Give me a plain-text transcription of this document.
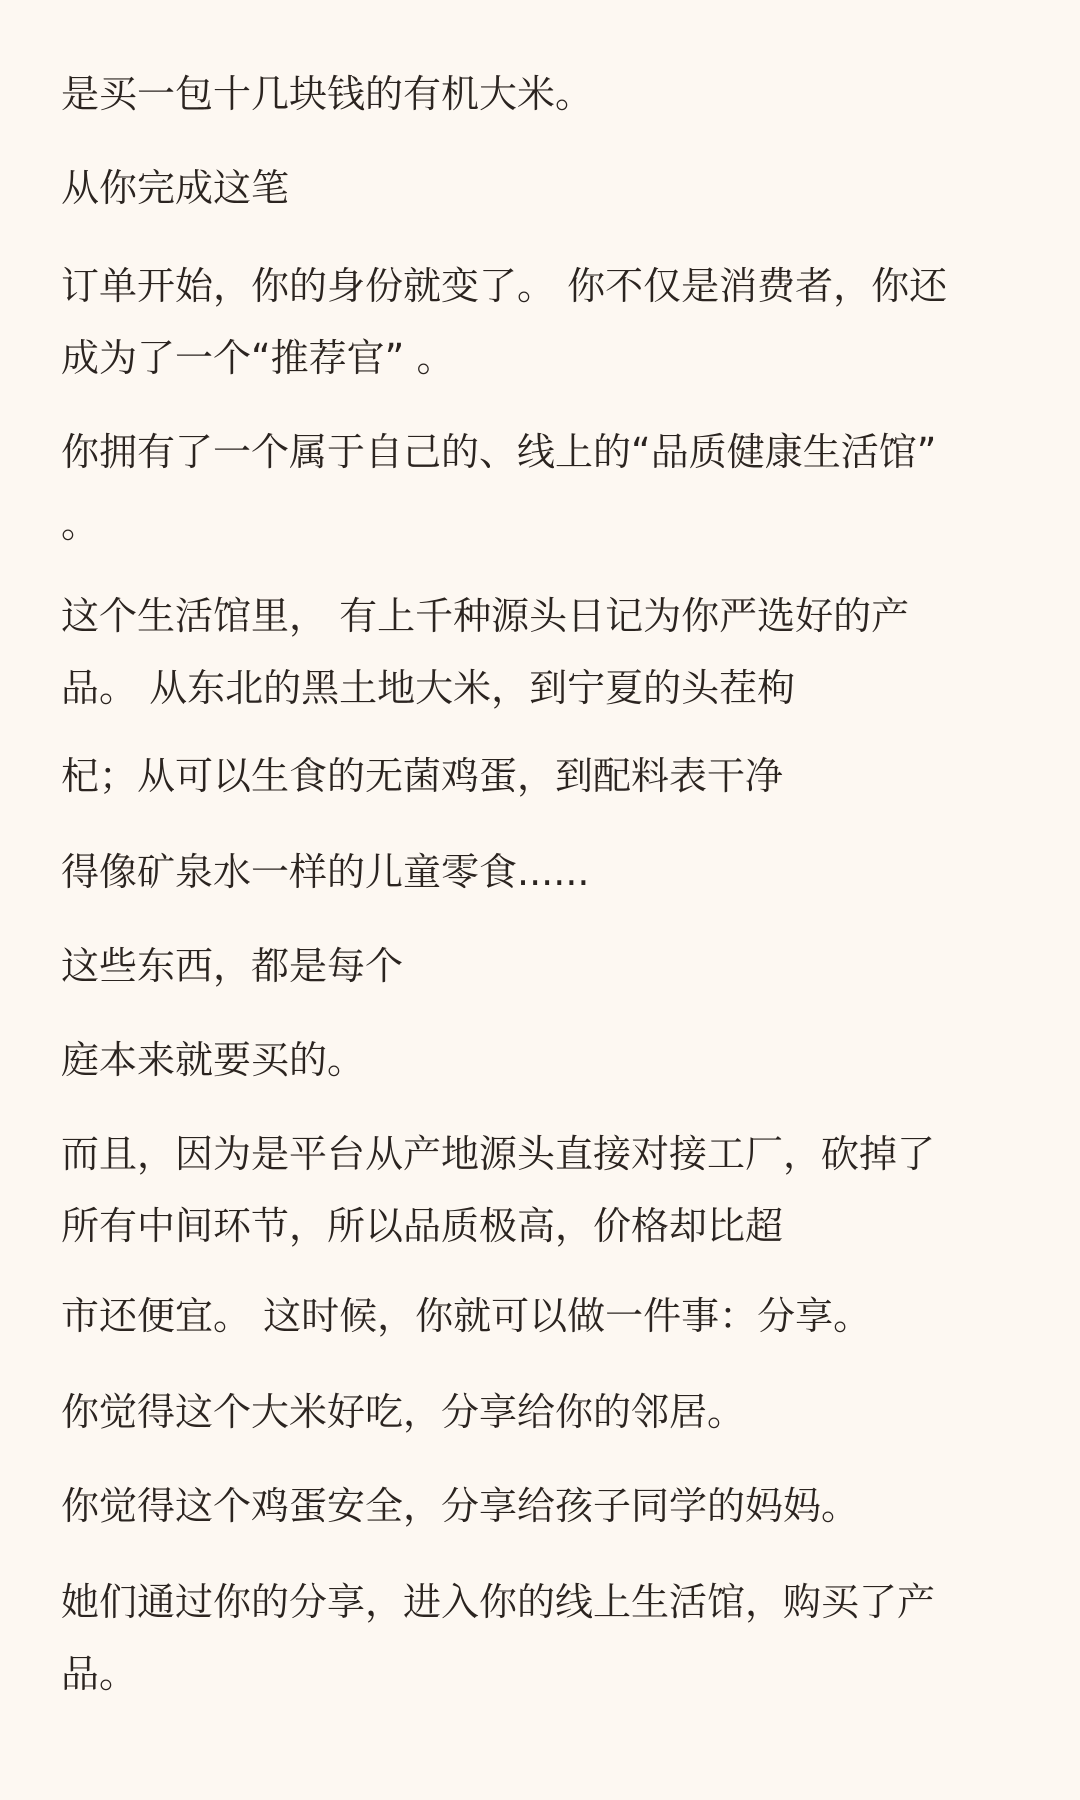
是买一包十几块钱的有机大米。

从你完成这笔

订单开始，你的身份就变了。 你不仅是消费者，你还
成为了一个“推荐官” 。

你拥有了一个属于自己的、线上的“品质健康生活馆”
。

这个生活馆里， 有上千种源头日记为你严选好的产
品。 从东北的黑土地大米，到宁夏的头茬枸

杞；从可以生食的无菌鸡蛋，到配料表干净

得像矿泉水一样的儿童零食......

这些东西，都是每个

庭本来就要买的。

而且，因为是平台从产地源头直接对接工厂，砍掉了
所有中间环节，所以品质极高，价格却比超

市还便宜。 这时候，你就可以做一件事：分享。

你觉得这个大米好吃，分享给你的邻居。

你觉得这个鸡蛋安全，分享给孩子同学的妈妈。

她们通过你的分享，进入你的线上生活馆，购买了产
品。
